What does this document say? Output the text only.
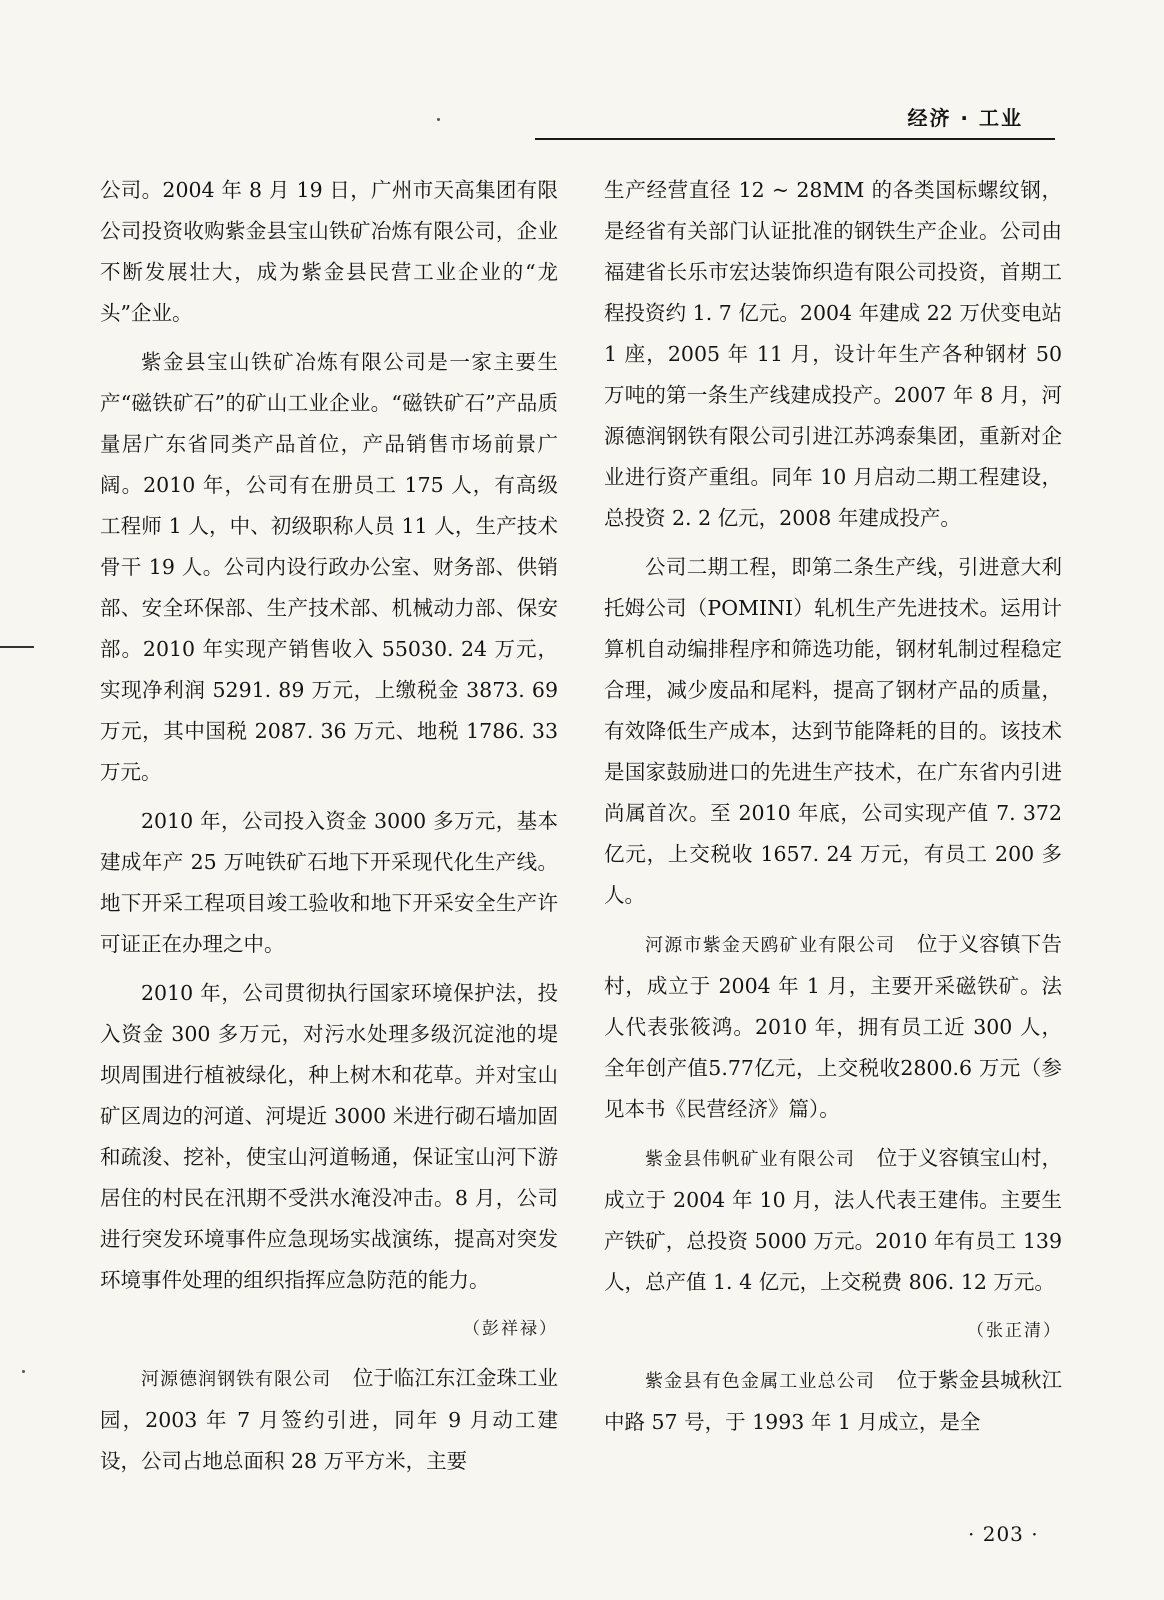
经济 · 工业

公司。2004 年 8 月 19 日，广州市天高集团有限公司投资收购紫金县宝山铁矿冶炼有限公司，企业不断发展壮大，成为紫金县民营工业企业的“龙头”企业。

紫金县宝山铁矿冶炼有限公司是一家主要生产“磁铁矿石”的矿山工业企业。“磁铁矿石”产品质量居广东省同类产品首位，产品销售市场前景广阔。2010 年，公司有在册员工 175 人，有高级工程师 1 人，中、初级职称人员 11 人，生产技术骨干 19 人。公司内设行政办公室、财务部、供销部、安全环保部、生产技术部、机械动力部、保安部。2010 年实现产销售收入 55030. 24 万元，实现净利润 5291. 89 万元，上缴税金 3873. 69 万元，其中国税 2087. 36 万元、地税 1786. 33 万元。

2010 年，公司投入资金 3000 多万元，基本建成年产 25 万吨铁矿石地下开采现代化生产线。地下开采工程项目竣工验收和地下开采安全生产许可证正在办理之中。

2010 年，公司贯彻执行国家环境保护法，投入资金 300 多万元，对污水处理多级沉淀池的堤坝周围进行植被绿化，种上树木和花草。并对宝山矿区周边的河道、河堤近 3000 米进行砌石墙加固和疏浚、挖补，使宝山河道畅通，保证宝山河下游居住的村民在汛期不受洪水淹没冲击。8 月，公司进行突发环境事件应急现场实战演练，提高对突发环境事件处理的组织指挥应急防范的能力。

（彭祥禄）

河源德润钢铁有限公司 位于临江东江金珠工业园，2003 年 7 月签约引进，同年 9 月动工建设，公司占地总面积 28 万平方米，主要

生产经营直径 12 ~ 28MM 的各类国标螺纹钢，是经省有关部门认证批准的钢铁生产企业。公司由福建省长乐市宏达装饰织造有限公司投资，首期工程投资约 1. 7 亿元。2004 年建成 22 万伏变电站 1 座，2005 年 11 月，设计年生产各种钢材 50 万吨的第一条生产线建成投产。2007 年 8 月，河源德润钢铁有限公司引进江苏鸿泰集团，重新对企业进行资产重组。同年 10 月启动二期工程建设，总投资 2. 2 亿元，2008 年建成投产。

公司二期工程，即第二条生产线，引进意大利托姆公司（POMINI）轧机生产先进技术。运用计算机自动编排程序和筛选功能，钢材轧制过程稳定合理，减少废品和尾料，提高了钢材产品的质量，有效降低生产成本，达到节能降耗的目的。该技术是国家鼓励进口的先进生产技术，在广东省内引进尚属首次。至 2010 年底，公司实现产值 7. 372 亿元，上交税收 1657. 24 万元，有员工 200 多人。

河源市紫金天鸥矿业有限公司 位于义容镇下告村，成立于 2004 年 1 月，主要开采磁铁矿。法人代表张筱鸿。2010 年，拥有员工近 300 人，全年创产值5.77亿元，上交税收2800.6 万元（参见本书《民营经济》篇）。

紫金县伟帆矿业有限公司 位于义容镇宝山村，成立于 2004 年 10 月，法人代表王建伟。主要生产铁矿，总投资 5000 万元。2010 年有员工 139 人，总产值 1. 4 亿元，上交税费 806. 12 万元。

（张正清）

紫金县有色金属工业总公司 位于紫金县城秋江中路 57 号，于 1993 年 1 月成立，是全

· 203 ·
